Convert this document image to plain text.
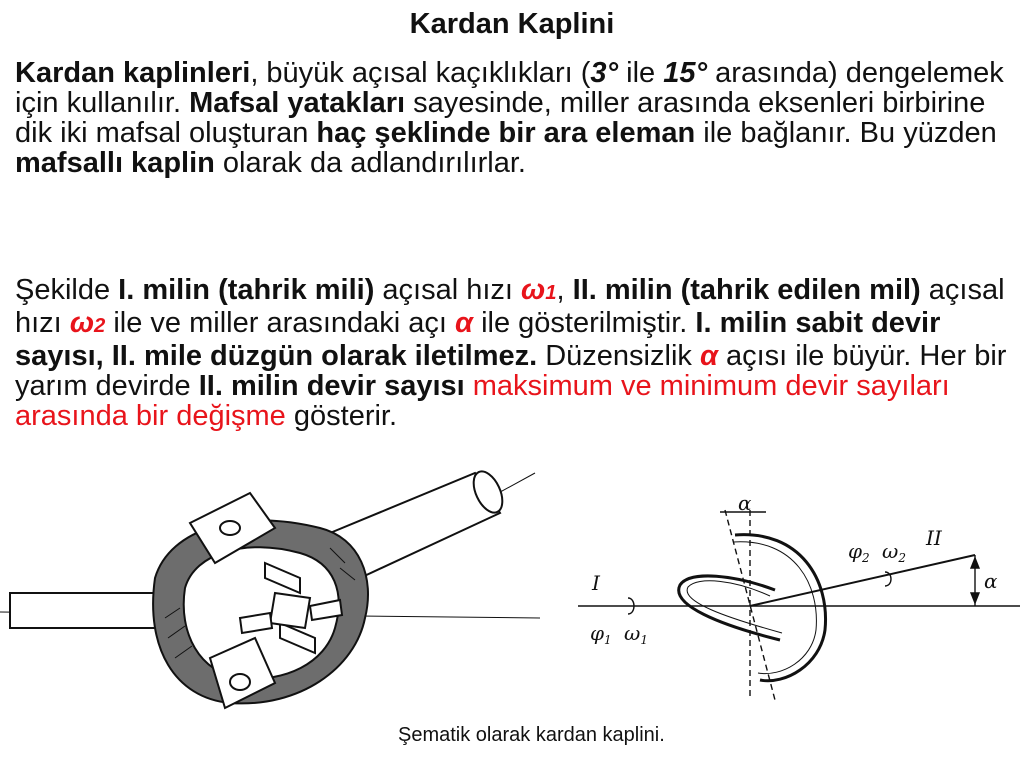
Kardan Kaplini

Kardan kaplinleri, büyük açısal kaçıklıkları (3° ile 15° arasında) dengelemek için kullanılır. Mafsal yatakları sayesinde, miller arasında eksenleri birbirine dik iki mafsal oluşturan haç şeklinde bir ara eleman ile bağlanır. Bu yüzden mafsallı kaplin olarak da adlandırılırlar.

Şekilde I. milin (tahrik mili) açısal hızı ω1, II. milin (tahrik edilen mil) açısal hızı ω2 ile ve miller arasındaki açı α ile gösterilmiştir. I. milin sabit devir sayısı, II. mile düzgün olarak iletilmez. Düzensizlik α açısı ile büyür. Her bir yarım devirde II. milin devir sayısı maksimum ve minimum devir sayıları arasında bir değişme gösterir.

I
$\varphi_1$ $\omega_1$
$\varphi_2$ $\omega_2$
II
α
α
Şematik olarak kardan kaplini.
